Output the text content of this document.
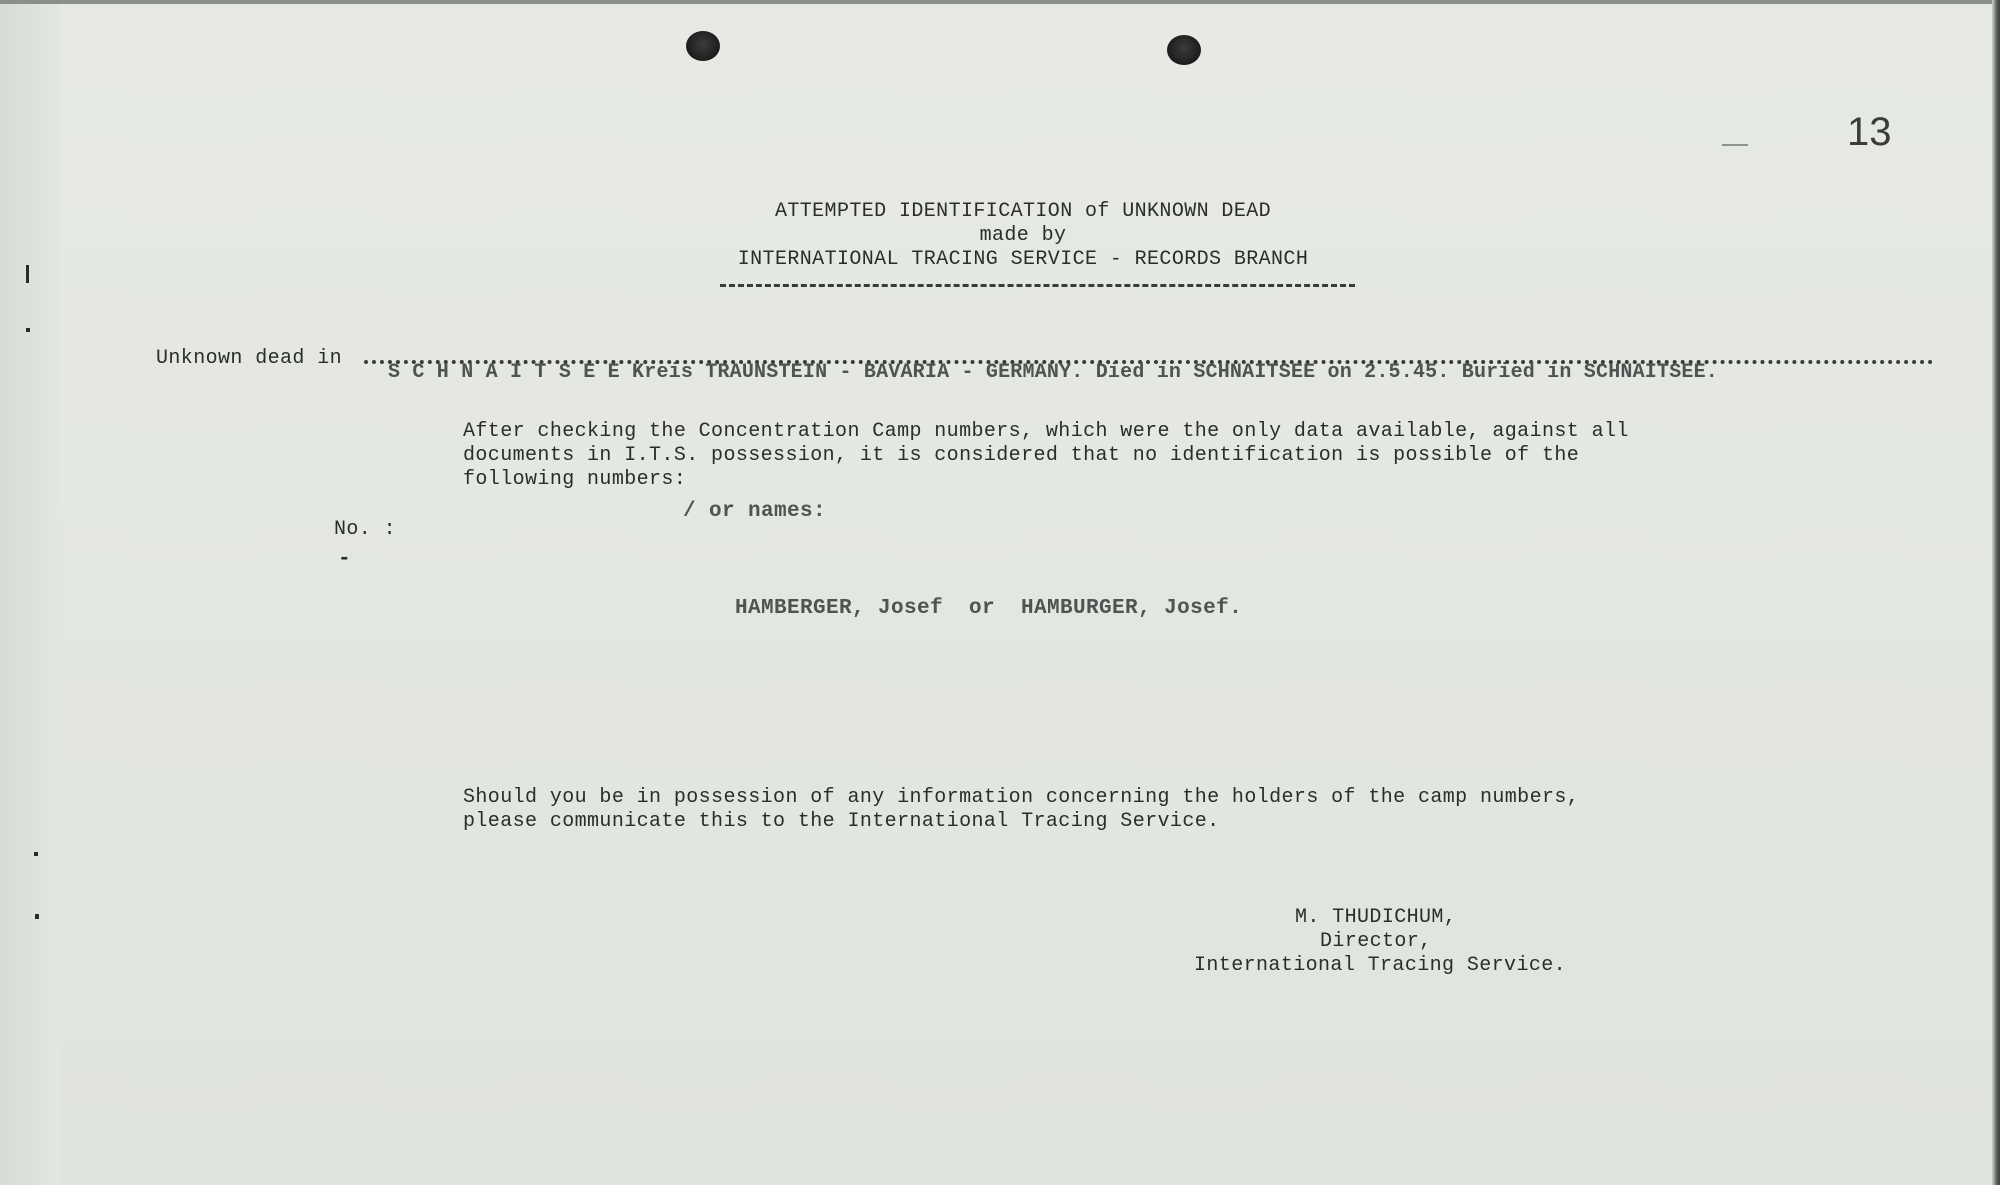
13
ATTEMPTED IDENTIFICATION of UNKNOWN DEAD
made by
INTERNATIONAL TRACING SERVICE - RECORDS BRANCH
Unknown dead in
S C H N A I T S E E Kreis TRAUNSTEIN - BAVARIA - GERMANY. Died in SCHNAITSEE on 2.5.45. Buried in SCHNAITSEE.
After checking the Concentration Camp numbers, which were the only data available, against all
documents in I.T.S. possession, it is considered that no identification is possible of the
following numbers:
/ or names:
No. :
-
HAMBERGER, Josef  or  HAMBURGER, Josef.
Should you be in possession of any information concerning the holders of the camp numbers,
please communicate this to the International Tracing Service.
M. THUDICHUM,
Director,
International Tracing Service.
